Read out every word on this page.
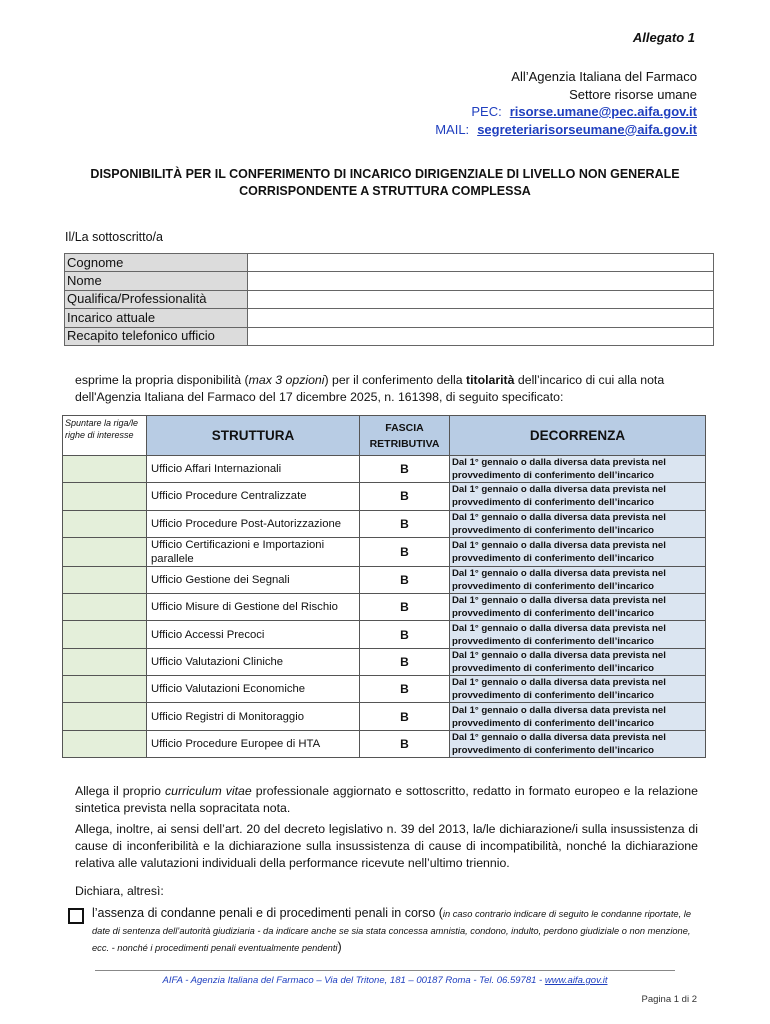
Allegato 1
All’Agenzia Italiana del Farmaco
Settore risorse umane
PEC: risorse.umane@pec.aifa.gov.it
MAIL: segreteriarisorseumane@aifa.gov.it
DISPONIBILITÀ PER IL CONFERIMENTO DI INCARICO DIRIGENZIALE DI LIVELLO NON GENERALE
CORRISPONDENTE A STRUTTURA COMPLESSA
Il/La sottoscritto/a
Cognome	
Nome	
Qualifica/Professionalità	
Incarico attuale	
Recapito telefonico ufficio	
esprime la propria disponibilità (max 3 opzioni) per il conferimento della titolarità dell’incarico di cui alla nota dell'Agenzia Italiana del Farmaco del 17 dicembre 2025, n. 161398, di seguito specificato:
Spuntare la riga/le righe di interesse	STRUTTURA	FASCIA RETRIBUTIVA	DECORRENZA
	Ufficio Affari Internazionali	B	Dal 1° gennaio o dalla diversa data prevista nel provvedimento di conferimento dell’incarico
	Ufficio Procedure Centralizzate	B	Dal 1° gennaio o dalla diversa data prevista nel provvedimento di conferimento dell’incarico
	Ufficio Procedure Post-Autorizzazione	B	Dal 1° gennaio o dalla diversa data prevista nel provvedimento di conferimento dell’incarico
	Ufficio Certificazioni e Importazioni parallele	B	Dal 1° gennaio o dalla diversa data prevista nel provvedimento di conferimento dell’incarico
	Ufficio Gestione dei Segnali	B	Dal 1° gennaio o dalla diversa data prevista nel provvedimento di conferimento dell’incarico
	Ufficio Misure di Gestione del Rischio	B	Dal 1° gennaio o dalla diversa data prevista nel provvedimento di conferimento dell’incarico
	Ufficio Accessi Precoci	B	Dal 1° gennaio o dalla diversa data prevista nel provvedimento di conferimento dell’incarico
	Ufficio Valutazioni Cliniche	B	Dal 1° gennaio o dalla diversa data prevista nel provvedimento di conferimento dell’incarico
	Ufficio Valutazioni Economiche	B	Dal 1° gennaio o dalla diversa data prevista nel provvedimento di conferimento dell’incarico
	Ufficio Registri di Monitoraggio	B	Dal 1° gennaio o dalla diversa data prevista nel provvedimento di conferimento dell’incarico
	Ufficio Procedure Europee di HTA	B	Dal 1° gennaio o dalla diversa data prevista nel provvedimento di conferimento dell’incarico
Allega il proprio curriculum vitae professionale aggiornato e sottoscritto, redatto in formato europeo e la relazione sintetica prevista nella sopracitata nota.
Allega, inoltre, ai sensi dell’art. 20 del decreto legislativo n. 39 del 2013, la/le dichiarazione/i sulla insussistenza di cause di inconferibilità e la dichiarazione sulla insussistenza di cause di incompatibilità, nonché la dichiarazione relativa alle valutazioni individuali della performance ricevute nell’ultimo triennio.
Dichiara, altresì:
l’assenza di condanne penali e di procedimenti penali in corso (in caso contrario indicare di seguito le condanne riportate, le date di sentenza dell’autorità giudiziaria - da indicare anche se sia stata concessa amnistia, condono, indulto, perdono giudiziale o non menzione, ecc. - nonché i procedimenti penali eventualmente pendenti)
AIFA - Agenzia Italiana del Farmaco – Via del Tritone, 181 – 00187 Roma - Tel. 06.59781 - www.aifa.gov.it
Pagina 1 di 2
